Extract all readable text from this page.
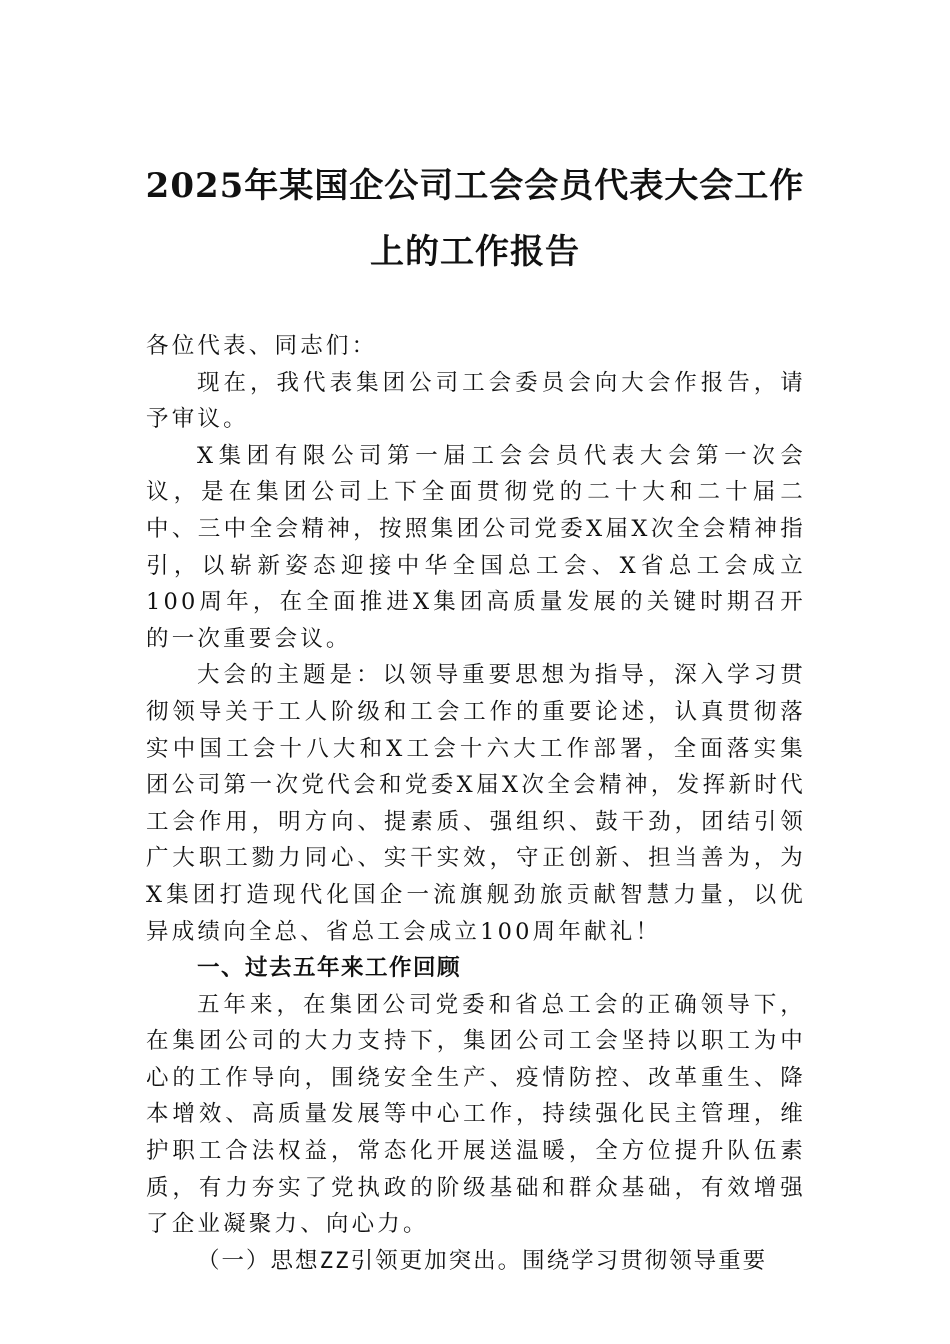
2025年某国企公司工会会员代表大会工作
上的工作报告

各位代表、同志们：

现在，我代表集团公司工会委员会向大会作报告，请予审议。

X集团有限公司第一届工会会员代表大会第一次会议，是在集团公司上下全面贯彻党的二十大和二十届二中、三中全会精神，按照集团公司党委X届X次全会精神指引，以崭新姿态迎接中华全国总工会、X省总工会成立100周年，在全面推进X集团高质量发展的关键时期召开的一次重要会议。

大会的主题是：以领导重要思想为指导，深入学习贯彻领导关于工人阶级和工会工作的重要论述，认真贯彻落实中国工会十八大和X工会十六大工作部署，全面落实集团公司第一次党代会和党委X届X次全会精神，发挥新时代工会作用，明方向、提素质、强组织、鼓干劲，团结引领广大职工勠力同心、实干实效，守正创新、担当善为，为X集团打造现代化国企一流旗舰劲旅贡献智慧力量，以优异成绩向全总、省总工会成立100周年献礼！

一、过去五年来工作回顾

五年来，在集团公司党委和省总工会的正确领导下，在集团公司的大力支持下，集团公司工会坚持以职工为中心的工作导向，围绕安全生产、疫情防控、改革重生、降本增效、高质量发展等中心工作，持续强化民主管理，维护职工合法权益，常态化开展送温暖，全方位提升队伍素质，有力夯实了党执政的阶级基础和群众基础，有效增强了企业凝聚力、向心力。

（一）思想ZZ引领更加突出。围绕学习贯彻领导重要
